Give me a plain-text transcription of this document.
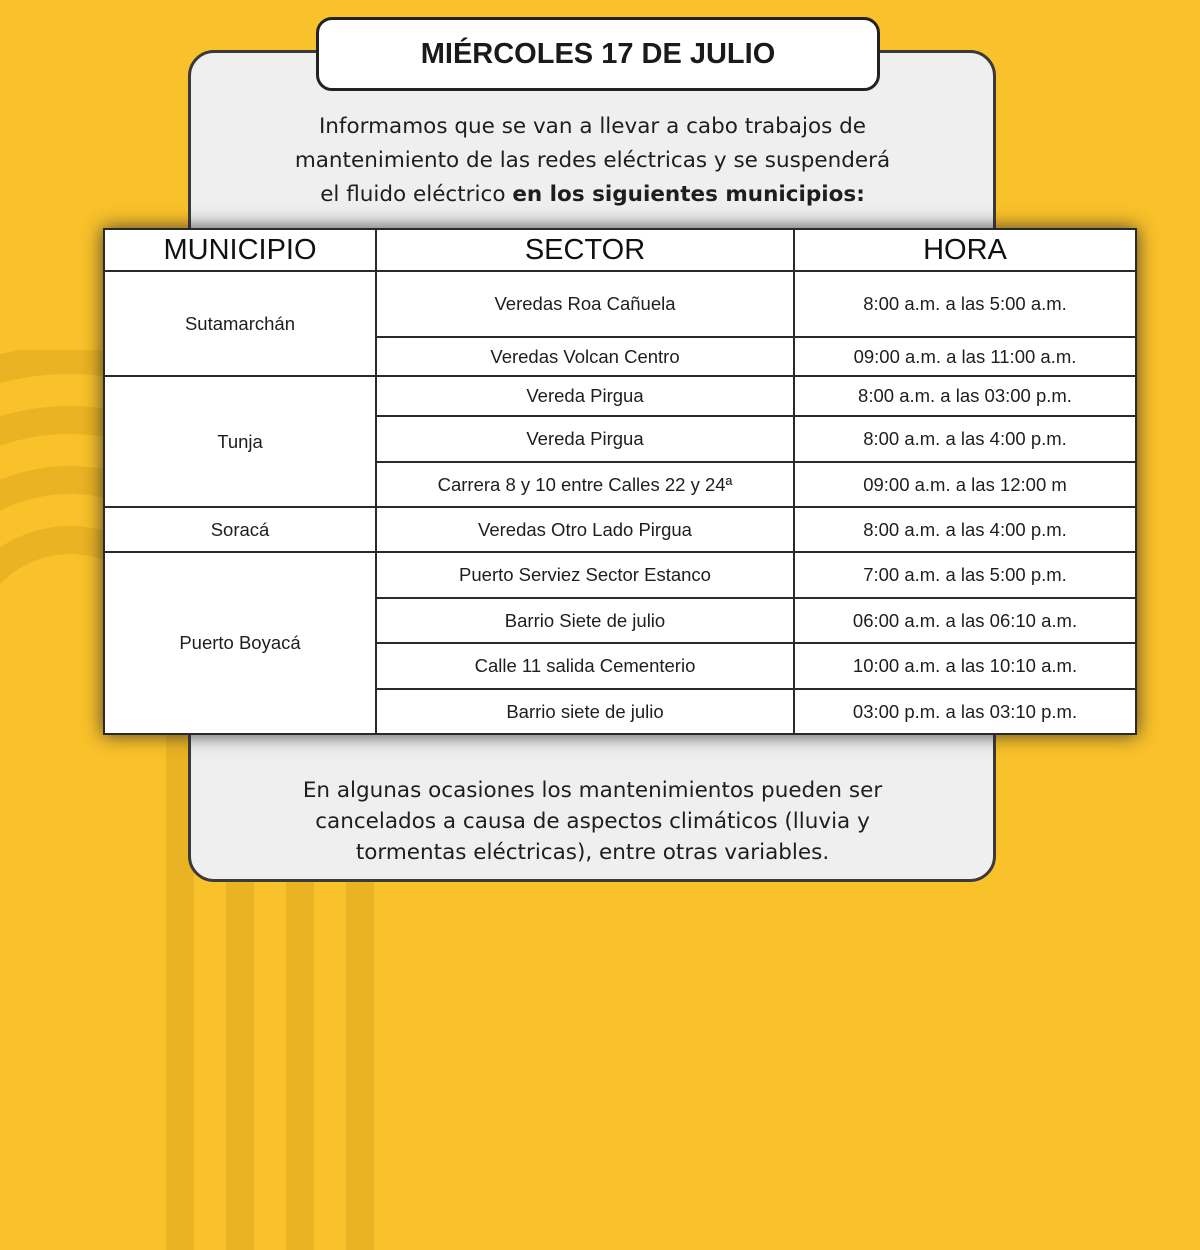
MIÉRCOLES 17 DE JULIO
Informamos que se van a llevar a cabo trabajos de
mantenimiento de las redes eléctricas y se suspenderá
el fluido eléctrico en los siguientes municipios:
MUNICIPIO	SECTOR	HORA
Sutamarchán	Veredas Roa Cañuela	8:00 a.m. a las 5:00 a.m.
	Veredas Volcan Centro	09:00 a.m. a las 11:00 a.m.
Tunja	Vereda Pirgua	8:00 a.m. a las 03:00 p.m.
	Vereda Pirgua	8:00 a.m. a las 4:00 p.m.
	Carrera 8 y 10 entre Calles 22 y 24ª	09:00 a.m. a las 12:00 m
Soracá	Veredas Otro Lado Pirgua	8:00 a.m. a las 4:00 p.m.
Puerto Boyacá	Puerto Serviez Sector Estanco	7:00 a.m. a las 5:00 p.m.
	Barrio Siete de julio	06:00 a.m. a las 06:10 a.m.
	Calle 11 salida Cementerio	10:00 a.m. a las 10:10 a.m.
	Barrio siete de julio	03:00 p.m. a las 03:10 p.m.
En algunas ocasiones los mantenimientos pueden ser
cancelados a causa de aspectos climáticos (lluvia y
tormentas eléctricas), entre otras variables.
